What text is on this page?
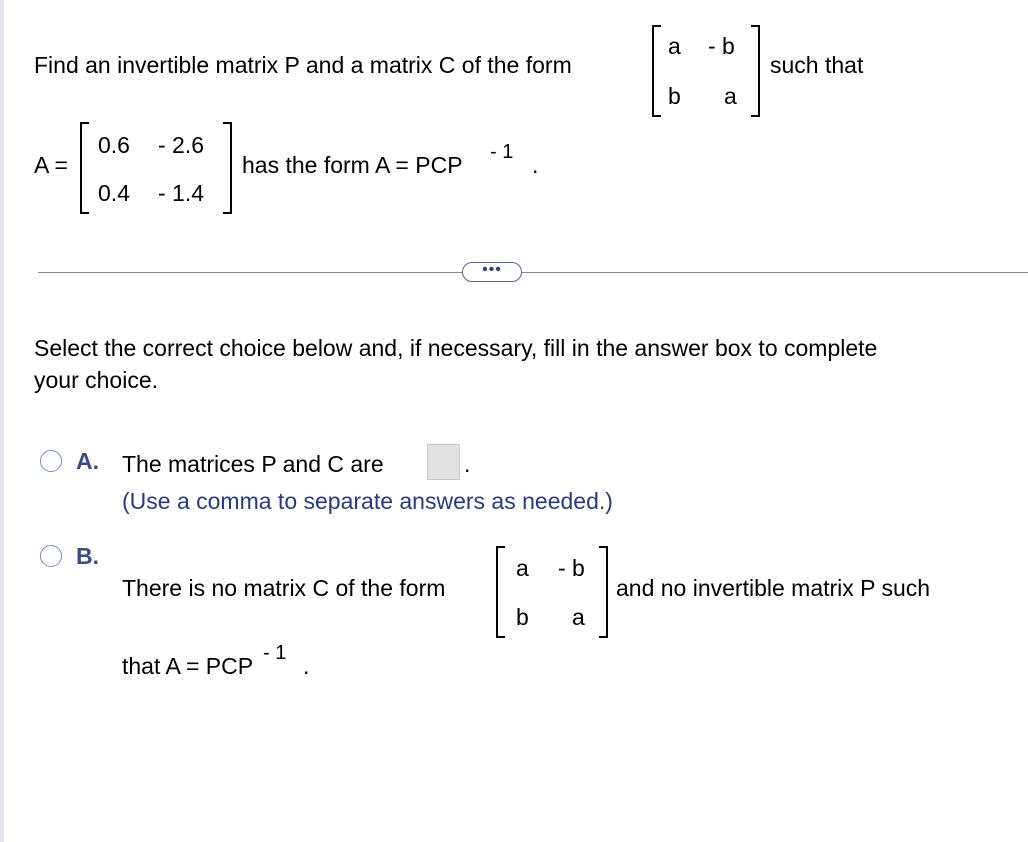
Find an invertible matrix P and a matrix C of the form
a - b
b a
such that
A =
0.6 - 2.6
0.4 - 1.4
has the form A = PCP - 1 .
•••
Select the correct choice below and, if necessary, fill in the answer box to complete
your choice.
A. The matrices P and C are	.
(Use a comma to separate answers as needed.)
B.
There is no matrix C of the form
a - b
b a
and no invertible matrix P such
that A = PCP - 1 .
